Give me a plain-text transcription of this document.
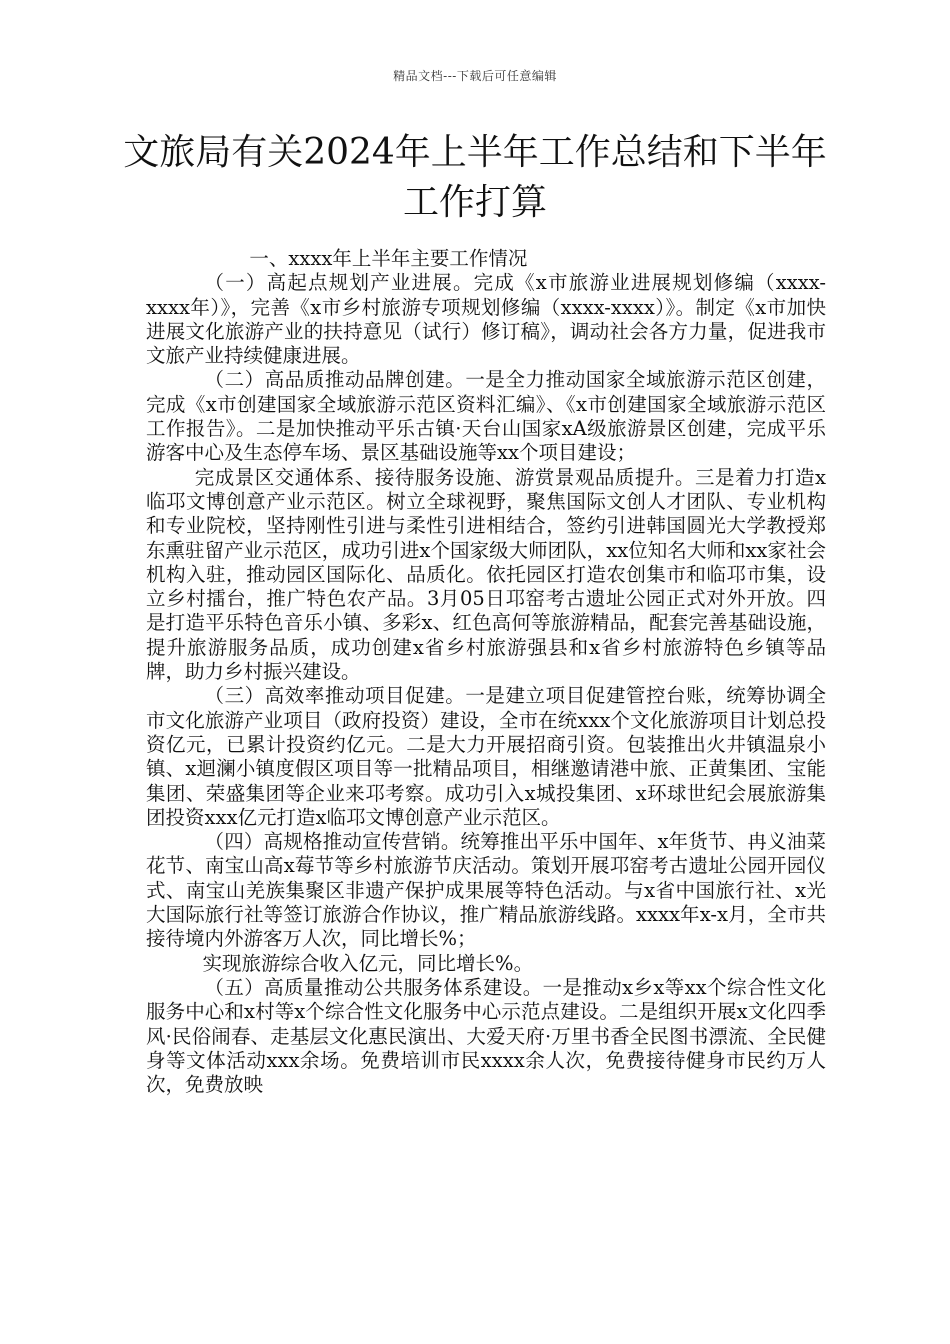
精品文档---下载后可任意编辑
文旅局有关2024年上半年工作总结和下半年工作打算

一、xxxx年上半年主要工作情况

（一）高起点规划产业进展。完成《x市旅游业进展规划修编（xxxx-xxxx年）》，完善《x市乡村旅游专项规划修编（xxxx-xxxx）》。制定《x市加快进展文化旅游产业的扶持意见（试行）修订稿》，调动社会各方力量，促进我市文旅产业持续健康进展。

（二）高品质推动品牌创建。一是全力推动国家全域旅游示范区创建，完成《x市创建国家全域旅游示范区资料汇编》、《x市创建国家全域旅游示范区工作报告》。二是加快推动平乐古镇·天台山国家xA级旅游景区创建，完成平乐游客中心及生态停车场、景区基础设施等xx个项目建设；

完成景区交通体系、接待服务设施、游赏景观品质提升。三是着力打造x临邛文博创意产业示范区。树立全球视野，聚焦国际文创人才团队、专业机构和专业院校，坚持刚性引进与柔性引进相结合，签约引进韩国圆光大学教授郑东熏驻留产业示范区，成功引进x个国家级大师团队，xx位知名大师和xx家社会机构入驻，推动园区国际化、品质化。依托园区打造农创集市和临邛市集，设立乡村擂台，推广特色农产品。3月05日邛窑考古遗址公园正式对外开放。四是打造平乐特色音乐小镇、多彩x、红色高何等旅游精品，配套完善基础设施，提升旅游服务品质，成功创建x省乡村旅游强县和x省乡村旅游特色乡镇等品牌，助力乡村振兴建设。

（三）高效率推动项目促建。一是建立项目促建管控台账，统筹协调全市文化旅游产业项目（政府投资）建设，全市在统xxx个文化旅游项目计划总投资亿元，已累计投资约亿元。二是大力开展招商引资。包装推出火井镇温泉小镇、x迴澜小镇度假区项目等一批精品项目，相继邀请港中旅、正黄集团、宝能集团、荣盛集团等企业来邛考察。成功引入x城投集团、x环球世纪会展旅游集团投资xxx亿元打造x临邛文博创意产业示范区。

（四）高规格推动宣传营销。统筹推出平乐中国年、x年货节、冉义油菜花节、南宝山高x莓节等乡村旅游节庆活动。策划开展邛窑考古遗址公园开园仪式、南宝山羌族集聚区非遗产保护成果展等特色活动。与x省中国旅行社、x光大国际旅行社等签订旅游合作协议，推广精品旅游线路。xxxx年x-x月，全市共接待境内外游客万人次，同比增长%；

实现旅游综合收入亿元，同比增长%。

（五）高质量推动公共服务体系建设。一是推动x乡x等xx个综合性文化服务中心和x村等x个综合性文化服务中心示范点建设。二是组织开展x文化四季风·民俗闹春、走基层文化惠民演出、大爱天府·万里书香全民图书漂流、全民健身等文体活动xxx余场。免费培训市民xxxx余人次，免费接待健身市民约万人次，免费放映
